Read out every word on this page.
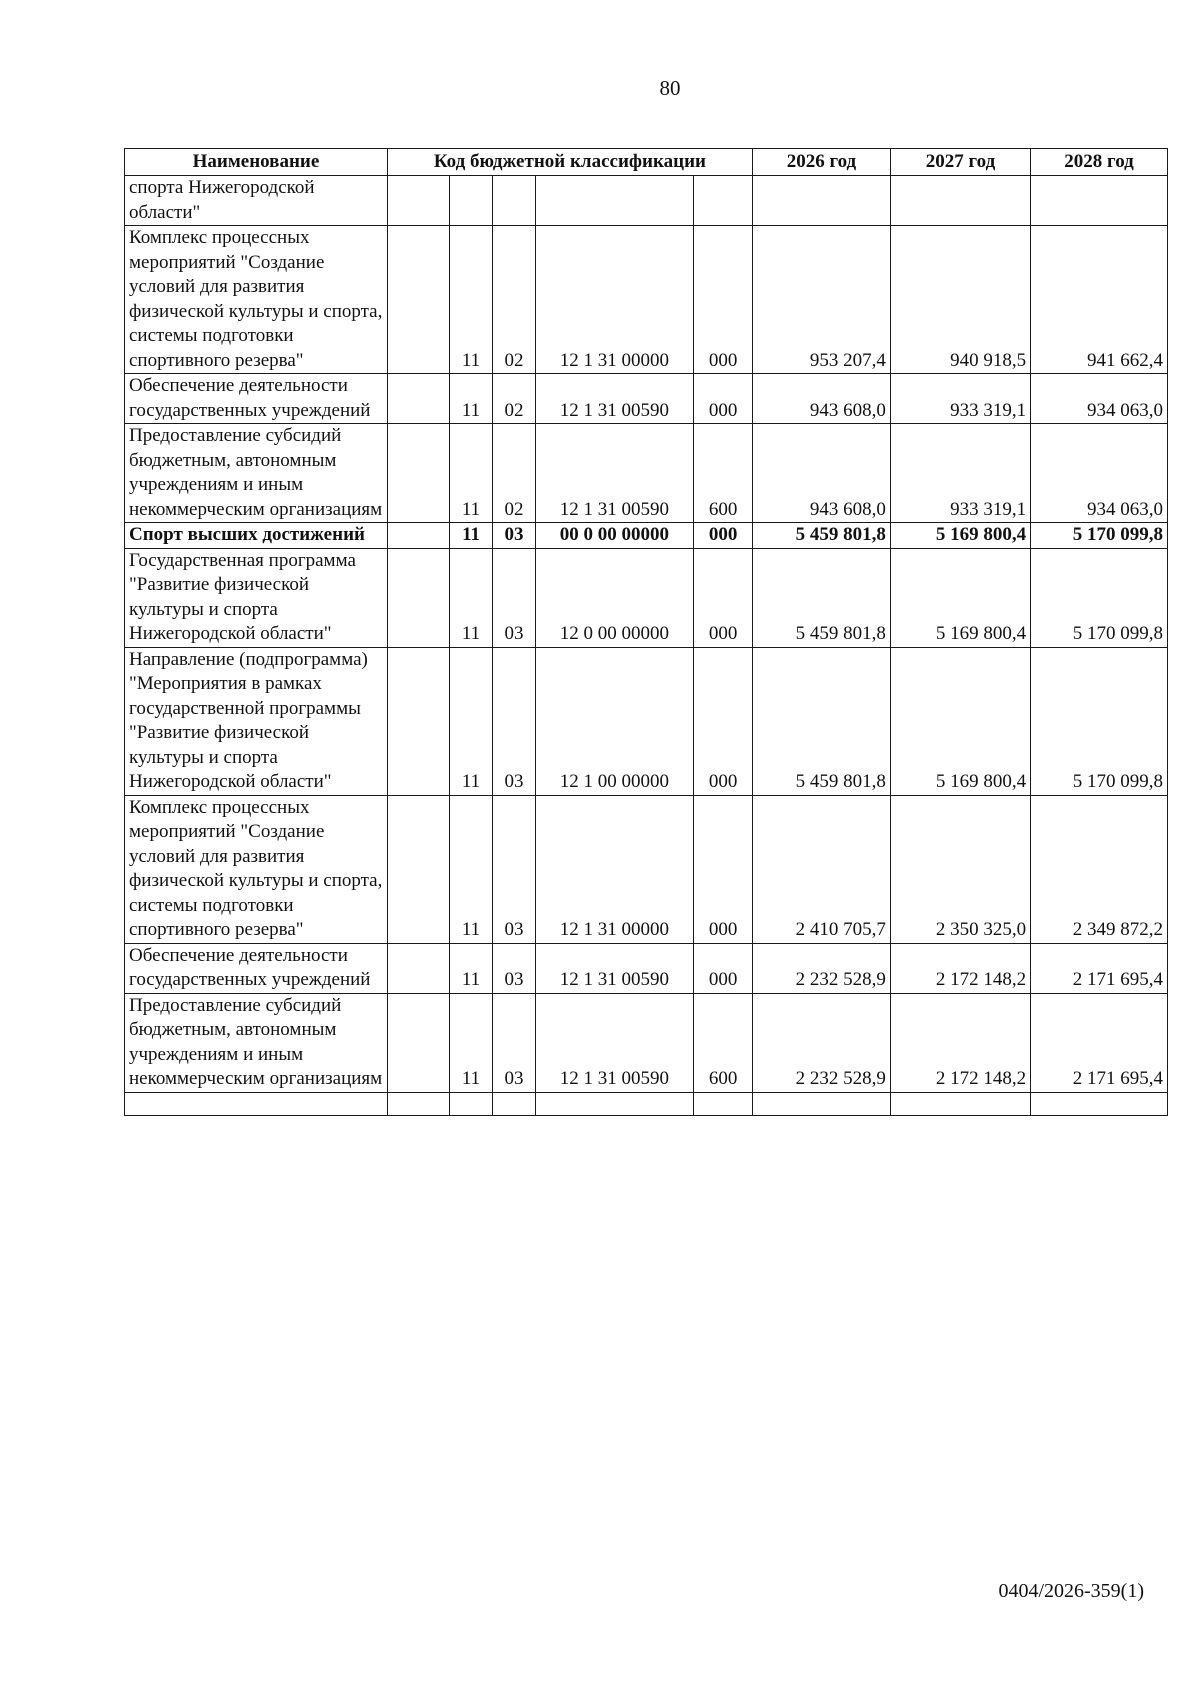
80
Наименование	Код бюджетной классификации					2026 год	2027 год	2028 год
спорта Нижегородской области"								
Комплекс процессных мероприятий "Создание условий для развития физической культуры и спорта, системы подготовки спортивного резерва"		11	02	12 1 31 00000	000	953 207,4	940 918,5	941 662,4
Обеспечение деятельности государственных учреждений		11	02	12 1 31 00590	000	943 608,0	933 319,1	934 063,0
Предоставление субсидий бюджетным, автономным учреждениям и иным некоммерческим организациям		11	02	12 1 31 00590	600	943 608,0	933 319,1	934 063,0
Спорт высших достижений		11	03	00 0 00 00000	000	5 459 801,8	5 169 800,4	5 170 099,8
Государственная программа "Развитие физической культуры и спорта Нижегородской области"		11	03	12 0 00 00000	000	5 459 801,8	5 169 800,4	5 170 099,8
Направление (подпрограмма) "Мероприятия в рамках государственной программы "Развитие физической культуры и спорта Нижегородской области"		11	03	12 1 00 00000	000	5 459 801,8	5 169 800,4	5 170 099,8
Комплекс процессных мероприятий "Создание условий для развития физической культуры и спорта, системы подготовки спортивного резерва"		11	03	12 1 31 00000	000	2 410 705,7	2 350 325,0	2 349 872,2
Обеспечение деятельности государственных учреждений		11	03	12 1 31 00590	000	2 232 528,9	2 172 148,2	2 171 695,4
Предоставление субсидий бюджетным, автономным учреждениям и иным некоммерческим организациям		11	03	12 1 31 00590	600	2 232 528,9	2 172 148,2	2 171 695,4

0404/2026-359(1)
